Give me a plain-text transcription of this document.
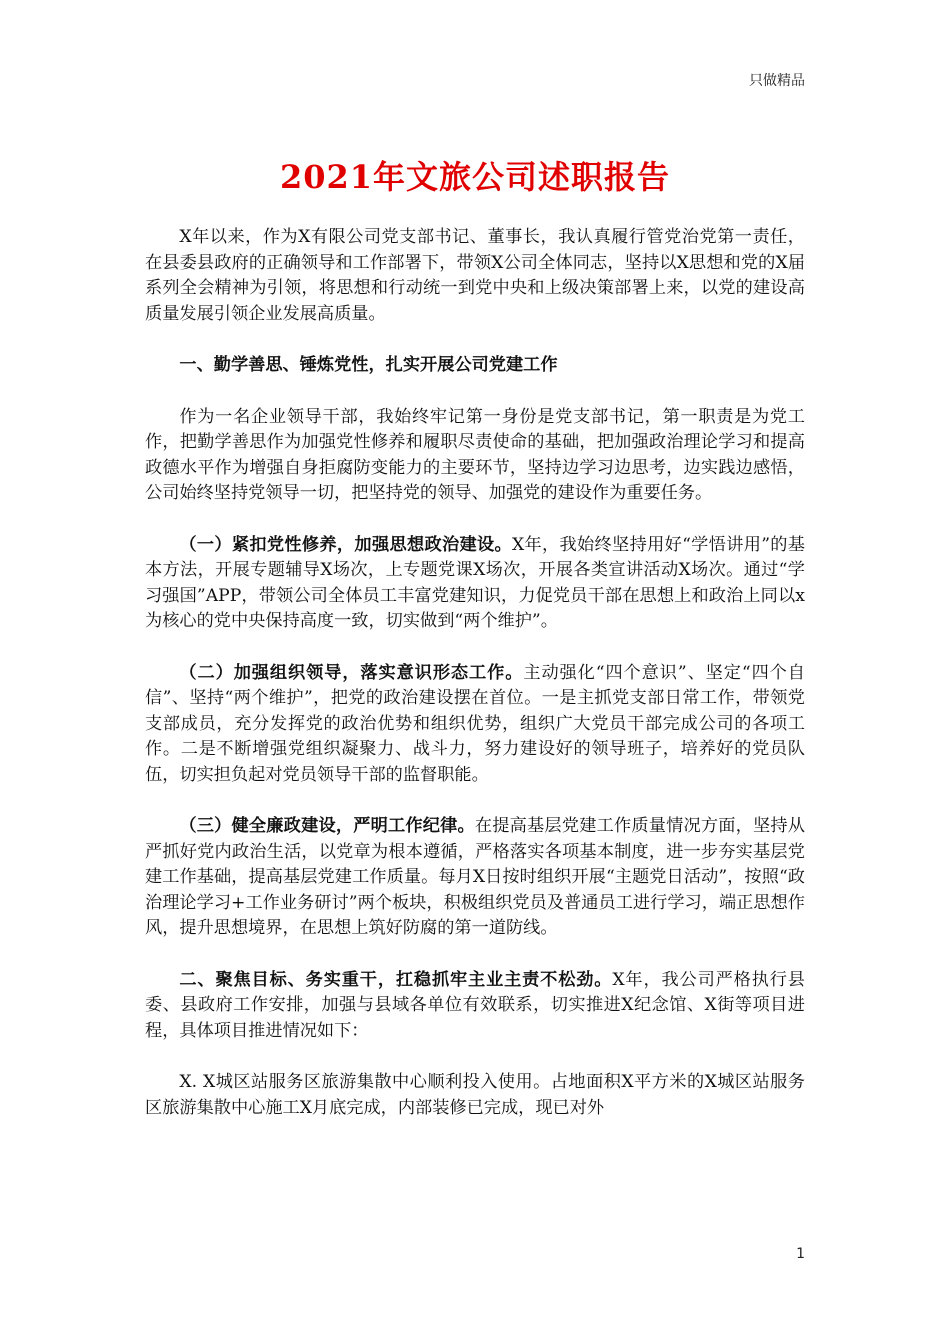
只做精品
2021年文旅公司述职报告

X年以来，作为X有限公司党支部书记、董事长，我认真履行管党治党第一责任，在县委县政府的正确领导和工作部署下，带领X公司全体同志，坚持以X思想和党的X届系列全会精神为引领，将思想和行动统一到党中央和上级决策部署上来，以党的建设高质量发展引领企业发展高质量。

一、勤学善思、锤炼党性，扎实开展公司党建工作

作为一名企业领导干部，我始终牢记第一身份是党支部书记，第一职责是为党工作，把勤学善思作为加强党性修养和履职尽责使命的基础，把加强政治理论学习和提高政德水平作为增强自身拒腐防变能力的主要环节，坚持边学习边思考，边实践边感悟，公司始终坚持党领导一切，把坚持党的领导、加强党的建设作为重要任务。

（一）紧扣党性修养，加强思想政治建设。X年，我始终坚持用好“学悟讲用”的基本方法，开展专题辅导X场次，上专题党课X场次，开展各类宣讲活动X场次。通过“学习强国”APP，带领公司全体员工丰富党建知识，力促党员干部在思想上和政治上同以x为核心的党中央保持高度一致，切实做到“两个维护”。

（二）加强组织领导，落实意识形态工作。主动强化“四个意识”、坚定“四个自信”、坚持“两个维护”，把党的政治建设摆在首位。一是主抓党支部日常工作，带领党支部成员，充分发挥党的政治优势和组织优势，组织广大党员干部完成公司的各项工作。二是不断增强党组织凝聚力、战斗力，努力建设好的领导班子，培养好的党员队伍，切实担负起对党员领导干部的监督职能。

（三）健全廉政建设，严明工作纪律。在提高基层党建工作质量情况方面，坚持从严抓好党内政治生活，以党章为根本遵循，严格落实各项基本制度，进一步夯实基层党建工作基础，提高基层党建工作质量。每月X日按时组织开展“主题党日活动”，按照“政治理论学习+工作业务研讨”两个板块，积极组织党员及普通员工进行学习，端正思想作风，提升思想境界，在思想上筑好防腐的第一道防线。

二、聚焦目标、务实重干，扛稳抓牢主业主责不松劲。X年，我公司严格执行县委、县政府工作安排，加强与县域各单位有效联系，切实推进X纪念馆、X街等项目进程，具体项目推进情况如下：

X. X城区站服务区旅游集散中心顺利投入使用。占地面积X平方米的X城区站服务区旅游集散中心施工X月底完成，内部装修已完成，现已对外

1
